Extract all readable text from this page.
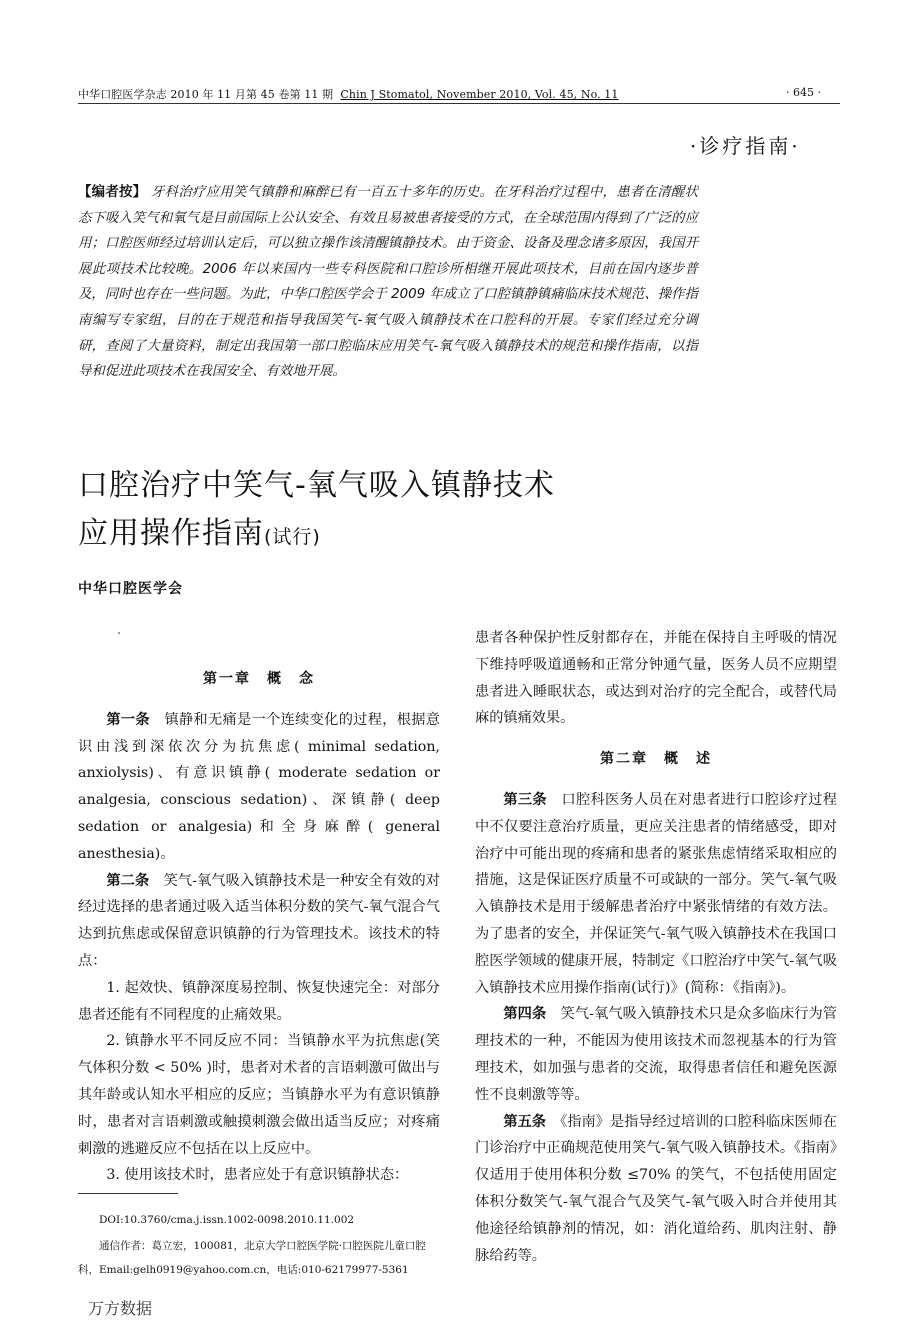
中华口腔医学杂志 2010 年 11 月第 45 卷第 11 期 Chin J Stomatol, November 2010, Vol. 45, No. 11	· 645 ·
·诊疗指南·
【编者按】 牙科治疗应用笑气镇静和麻醉已有一百五十多年的历史。在牙科治疗过程中，患者在清醒状态下吸入笑气和氧气是目前国际上公认安全、有效且易被患者接受的方式，在全球范围内得到了广泛的应用；口腔医师经过培训认定后，可以独立操作该清醒镇静技术。由于资金、设备及理念诸多原因，我国开展此项技术比较晚。2006 年以来国内一些专科医院和口腔诊所相继开展此项技术，目前在国内逐步普及，同时也存在一些问题。为此，中华口腔医学会于 2009 年成立了口腔镇静镇痛临床技术规范、操作指南编写专家组，目的在于规范和指导我国笑气-氧气吸入镇静技术在口腔科的开展。专家们经过充分调研，查阅了大量资料，制定出我国第一部口腔临床应用笑气-氧气吸入镇静技术的规范和操作指南，以指导和促进此项技术在我国安全、有效地开展。
口腔治疗中笑气-氧气吸入镇静技术
应用操作指南(试行)
中华口腔医学会

第一章　概　念

第一条　 镇静和无痛是一个连续变化的过程，根据意识由浅到深依次分为抗焦虑( minimal sedation, anxiolysis)、有意识镇静( moderate sedation or analgesia, conscious sedation)、深镇静( deep sedation or analgesia)和全身麻醉( general anesthesia)。

第二条　 笑气-氧气吸入镇静技术是一种安全有效的对经过选择的患者通过吸入适当体积分数的笑气-氧气混合气达到抗焦虑或保留意识镇静的行为管理技术。该技术的特点：

1. 起效快、镇静深度易控制、恢复快速完全：对部分患者还能有不同程度的止痛效果。

2. 镇静水平不同反应不同：当镇静水平为抗焦虑(笑气体积分数 < 50% )时，患者对术者的言语刺激可做出与其年龄或认知水平相应的反应；当镇静水平为有意识镇静时，患者对言语刺激或触摸刺激会做出适当反应；对疼痛刺激的逃避反应不包括在以上反应中。

3. 使用该技术时，患者应处于有意识镇静状态：

DOI:10.3760/cma.j.issn.1002-0098.2010.11.002
通信作者：葛立宏，100081，北京大学口腔医学院·口腔医院儿童口腔科，Email:gelh0919@yahoo.com.cn，电话:010-62179977-5361

患者各种保护性反射都存在，并能在保持自主呼吸的情况下维持呼吸道通畅和正常分钟通气量，医务人员不应期望患者进入睡眠状态，或达到对治疗的完全配合，或替代局麻的镇痛效果。

第二章　概　述

第三条　 口腔科医务人员在对患者进行口腔诊疗过程中不仅要注意治疗质量，更应关注患者的情绪感受，即对治疗中可能出现的疼痛和患者的紧张焦虑情绪采取相应的措施，这是保证医疗质量不可或缺的一部分。笑气-氧气吸入镇静技术是用于缓解患者治疗中紧张情绪的有效方法。为了患者的安全，并保证笑气-氧气吸入镇静技术在我国口腔医学领域的健康开展，特制定《口腔治疗中笑气-氧气吸入镇静技术应用操作指南(试行)》(简称：《指南》)。

第四条　 笑气-氧气吸入镇静技术只是众多临床行为管理技术的一种，不能因为使用该技术而忽视基本的行为管理技术，如加强与患者的交流，取得患者信任和避免医源性不良刺激等等。

第五条　 《指南》是指导经过培训的口腔科临床医师在门诊治疗中正确规范使用笑气-氧气吸入镇静技术。《指南》仅适用于使用体积分数 ≤70% 的笑气，不包括使用固定体积分数笑气-氧气混合气及笑气-氧气吸入时合并使用其他途径给镇静剂的情况，如：消化道给药、肌肉注射、静脉给药等。

万方数据
